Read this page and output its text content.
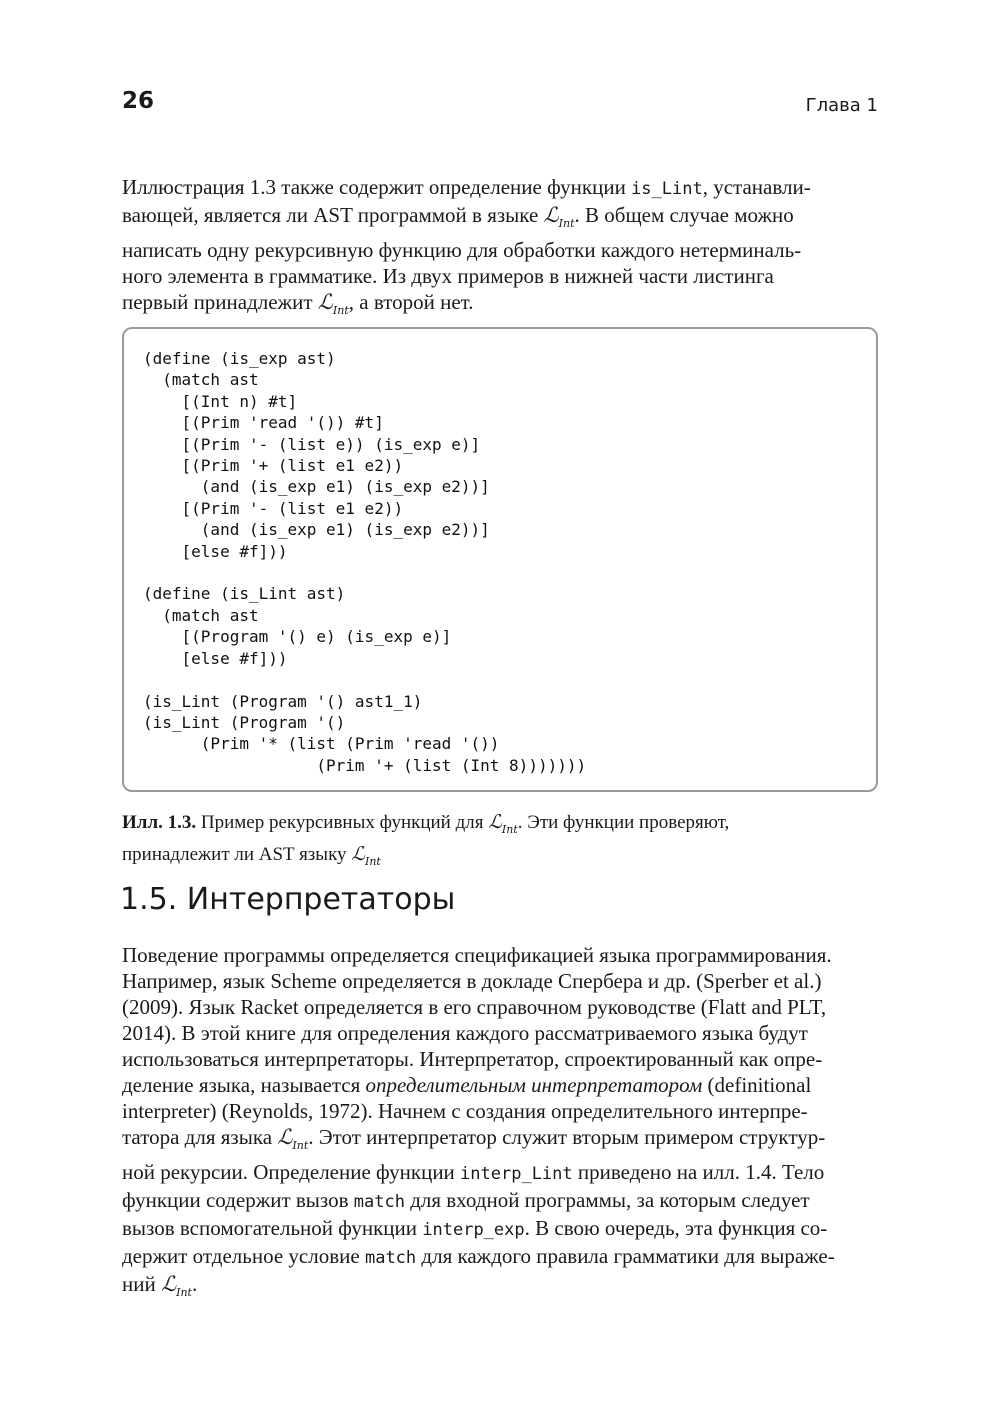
26	Глава 1

Иллюстрация 1.3 также содержит определение функции is_Lint, устанавли-
вающей, является ли AST программой в языке ℒ$_{Int}$. В общем случае можно
написать одну рекурсивную функцию для обработки каждого нетерминаль-
ного элемента в грамматике. Из двух примеров в нижней части листинга
первый принадлежит ℒ$_{Int}$, а второй нет.

(define (is_exp ast)
(match ast
[(Int n) #t]
[(Prim 'read '()) #t]
[(Prim '- (list e)) (is_exp e)]
[(Prim '+ (list e1 e2))
(and (is_exp e1) (is_exp e2))]
[(Prim '- (list e1 e2))
(and (is_exp e1) (is_exp e2))]
[else #f]))

(define (is_Lint ast)
(match ast
[(Program '() e) (is_exp e)]
[else #f]))

(is_Lint (Program '() ast1_1)
(is_Lint (Program '()
(Prim '* (list (Prim 'read '())
(Prim '+ (list (Int 8)))))))
Илл. 1.3. Пример рекурсивных функций для ℒ$_{Int}$. Эти функции проверяют,
принадлежит ли AST языку ℒ$_{Int}$
1.5. Интерпретаторы

Поведение программы определяется спецификацией языка программирования.
Например, язык Scheme определяется в докладе Спербера и др. (Sperber et al.)
(2009). Язык Racket определяется в его справочном руководстве (Flatt and PLT,
2014). В этой книге для определения каждого рассматриваемого языка будут
использоваться интерпретаторы. Интерпретатор, спроектированный как опре-
деление языка, называется определительным интерпретатором (definitional
interpreter) (Reynolds, 1972). Начнем с создания определительного интерпре-
татора для языка ℒ$_{Int}$. Этот интерпретатор служит вторым примером структур-
ной рекурсии. Определение функции interp_Lint приведено на илл. 1.4. Тело
функции содержит вызов match для входной программы, за которым следует
вызов вспомогательной функции interp_exp. В свою очередь, эта функция со-
держит отдельное условие match для каждого правила грамматики для выраже-
ний ℒ$_{Int}$.
